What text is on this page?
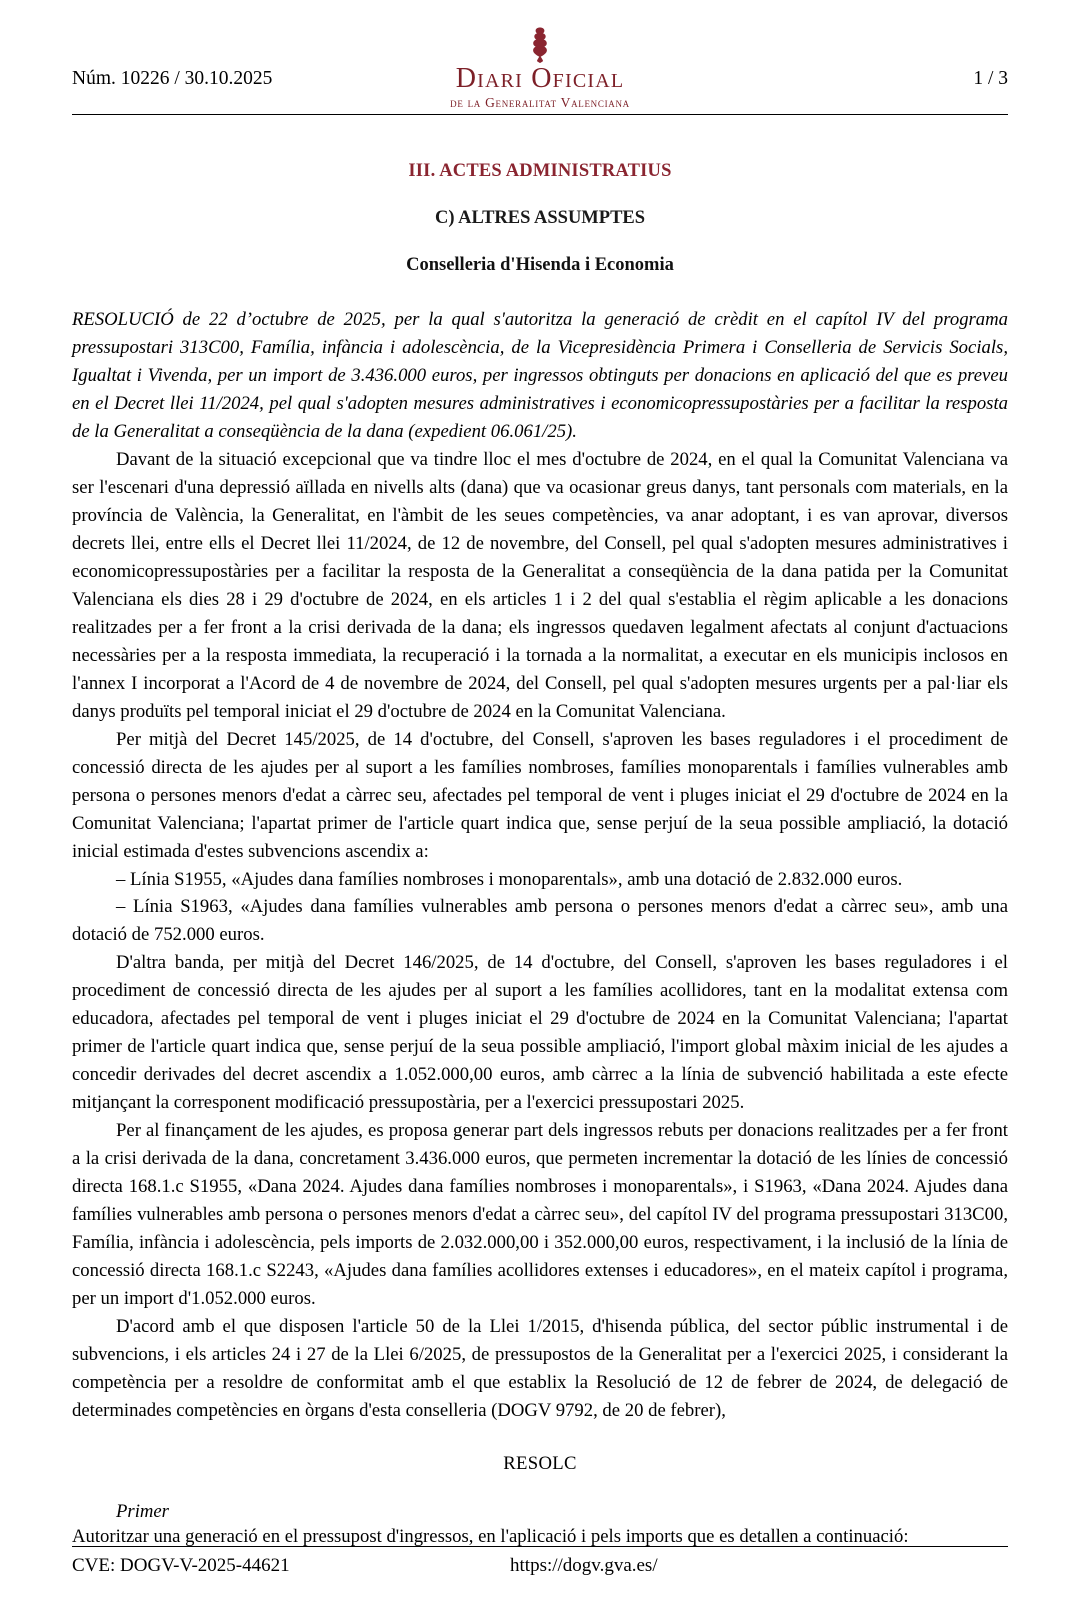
Diari Oficial
de la Generalitat Valenciana
Núm. 10226 / 30.10.2025	1 / 3
III. ACTES ADMINISTRATIUS
C) ALTRES ASSUMPTES
Conselleria d'Hisenda i Economia
RESOLUCIÓ de 22 d’octubre de 2025, per la qual s'autoritza la generació de crèdit en el capítol IV del programa pressupostari 313C00, Família, infància i adolescència, de la Vicepresidència Primera i Conselleria de Servicis Socials, Igualtat i Vivenda, per un import de 3.436.000 euros, per ingressos obtinguts per donacions en aplicació del que es preveu en el Decret llei 11/2024, pel qual s'adopten mesures administratives i economicopressupostàries per a facilitar la resposta de la Generalitat a conseqüència de la dana (expedient 06.061/25).

Davant de la situació excepcional que va tindre lloc el mes d'octubre de 2024, en el qual la Comunitat Valenciana va ser l'escenari d'una depressió aïllada en nivells alts (dana) que va ocasionar greus danys, tant personals com materials, en la província de València, la Generalitat, en l'àmbit de les seues competències, va anar adoptant, i es van aprovar, diversos decrets llei, entre ells el Decret llei 11/2024, de 12 de novembre, del Consell, pel qual s'adopten mesures administratives i economicopressupostàries per a facilitar la resposta de la Generalitat a conseqüència de la dana patida per la Comunitat Valenciana els dies 28 i 29 d'octubre de 2024, en els articles 1 i 2 del qual s'establia el règim aplicable a les donacions realitzades per a fer front a la crisi derivada de la dana; els ingressos quedaven legalment afectats al conjunt d'actuacions necessàries per a la resposta immediata, la recuperació i la tornada a la normalitat, a executar en els municipis inclosos en l'annex I incorporat a l'Acord de 4 de novembre de 2024, del Consell, pel qual s'adopten mesures urgents per a pal·liar els danys produïts pel temporal iniciat el 29 d'octubre de 2024 en la Comunitat Valenciana.

Per mitjà del Decret 145/2025, de 14 d'octubre, del Consell, s'aproven les bases reguladores i el procediment de concessió directa de les ajudes per al suport a les famílies nombroses, famílies monoparentals i famílies vulnerables amb persona o persones menors d'edat a càrrec seu, afectades pel temporal de vent i pluges iniciat el 29 d'octubre de 2024 en la Comunitat Valenciana; l'apartat primer de l'article quart indica que, sense perjuí de la seua possible ampliació, la dotació inicial estimada d'estes subvencions ascendix a:

– Línia S1955, «Ajudes dana famílies nombroses i monoparentals», amb una dotació de 2.832.000 euros.

– Línia S1963, «Ajudes dana famílies vulnerables amb persona o persones menors d'edat a càrrec seu», amb una dotació de 752.000 euros.

D'altra banda, per mitjà del Decret 146/2025, de 14 d'octubre, del Consell, s'aproven les bases reguladores i el procediment de concessió directa de les ajudes per al suport a les famílies acollidores, tant en la modalitat extensa com educadora, afectades pel temporal de vent i pluges iniciat el 29 d'octubre de 2024 en la Comunitat Valenciana; l'apartat primer de l'article quart indica que, sense perjuí de la seua possible ampliació, l'import global màxim inicial de les ajudes a concedir derivades del decret ascendix a 1.052.000,00 euros, amb càrrec a la línia de subvenció habilitada a este efecte mitjançant la corresponent modificació pressupostària, per a l'exercici pressupostari 2025.

Per al finançament de les ajudes, es proposa generar part dels ingressos rebuts per donacions realitzades per a fer front a la crisi derivada de la dana, concretament 3.436.000 euros, que permeten incrementar la dotació de les línies de concessió directa 168.1.c S1955, «Dana 2024. Ajudes dana famílies nombroses i monoparentals», i S1963, «Dana 2024. Ajudes dana famílies vulnerables amb persona o persones menors d'edat a càrrec seu», del capítol IV del programa pressupostari 313C00, Família, infància i adolescència, pels imports de 2.032.000,00 i 352.000,00 euros, respectivament, i la inclusió de la línia de concessió directa 168.1.c S2243, «Ajudes dana famílies acollidores extenses i educadores», en el mateix capítol i programa, per un import d'1.052.000 euros.

D'acord amb el que disposen l'article 50 de la Llei 1/2015, d'hisenda pública, del sector públic instrumental i de subvencions, i els articles 24 i 27 de la Llei 6/2025, de pressupostos de la Generalitat per a l'exercici 2025, i considerant la competència per a resoldre de conformitat amb el que establix la Resolució de 12 de febrer de 2024, de delegació de determinades competències en òrgans d'esta conselleria (DOGV 9792, de 20 de febrer),

RESOLC
Primer

Autoritzar una generació en el pressupost d'ingressos, en l'aplicació i pels imports que es detallen a continuació:

CVE: DOGV-V-2025-44621	https://dogv.gva.es/
